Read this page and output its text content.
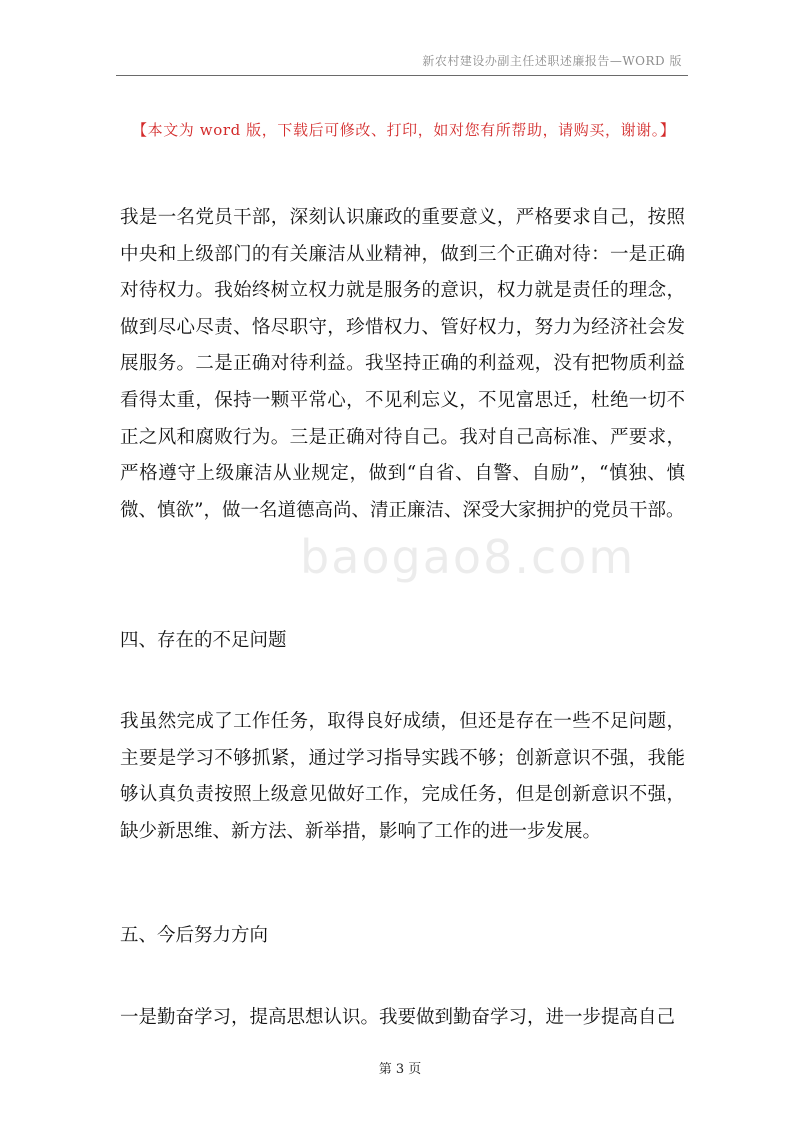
新农村建设办副主任述职述廉报告—WORD 版
【本文为 word 版，下载后可修改、打印，如对您有所帮助，请购买，谢谢。】
baogao8.com

我是一名党员干部，深刻认识廉政的重要意义，严格要求自己，按照中央和上级部门的有关廉洁从业精神，做到三个正确对待：一是正确对待权力。我始终树立权力就是服务的意识，权力就是责任的理念，做到尽心尽责、恪尽职守，珍惜权力、管好权力，努力为经济社会发展服务。二是正确对待利益。我坚持正确的利益观，没有把物质利益看得太重，保持一颗平常心，不见利忘义，不见富思迁，杜绝一切不正之风和腐败行为。三是正确对待自己。我对自己高标准、严要求，严格遵守上级廉洁从业规定，做到“自省、自警、自励”，“慎独、慎微、慎欲”，做一名道德高尚、清正廉洁、深受大家拥护的党员干部。

四、存在的不足问题

我虽然完成了工作任务，取得良好成绩，但还是存在一些不足问题，主要是学习不够抓紧，通过学习指导实践不够；创新意识不强，我能够认真负责按照上级意见做好工作，完成任务，但是创新意识不强，缺少新思维、新方法、新举措，影响了工作的进一步发展。

五、今后努力方向

一是勤奋学习，提高思想认识。我要做到勤奋学习，进一步提高自己

第 3 页
